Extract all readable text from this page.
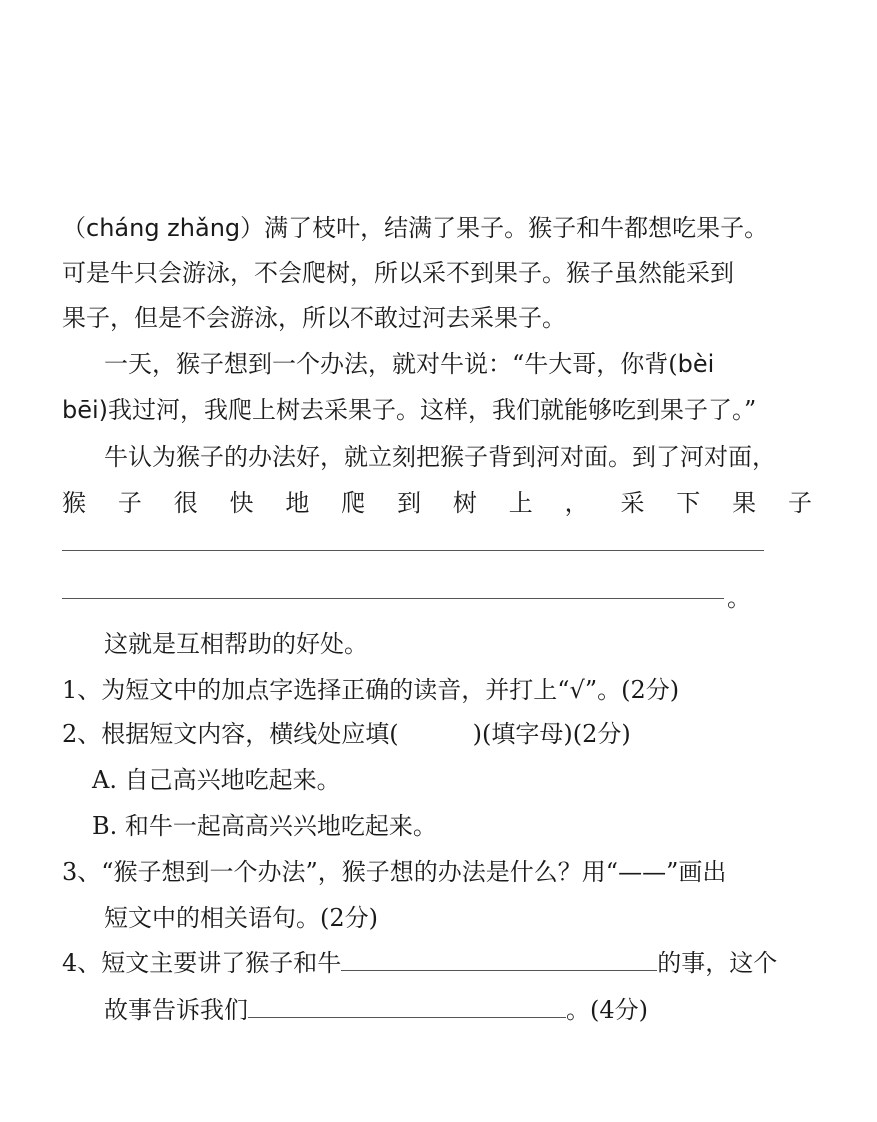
（cháng zhǎng）满了枝叶，结满了果子。猴子和牛都想吃果子。
可是牛只会游泳，不会爬树，所以采不到果子。猴子虽然能采到
果子，但是不会游泳，所以不敢过河去采果子。
一天，猴子想到一个办法，就对牛说：“牛大哥，你背(bèi
bēi)我过河，我爬上树去采果子。这样，我们就能够吃到果子了。”
牛认为猴子的办法好，就立刻把猴子背到河对面。到了河对面，
猴 子 很 快 地 爬 到 树 上 ， 采 下 果 子
。
这就是互相帮助的好处。
1、为短文中的加点字选择正确的读音，并打上“√”。(2分)
2、根据短文内容，横线处应填(	)(填字母)(2分)
A. 自己高兴地吃起来。
B. 和牛一起高高兴兴地吃起来。
3、“猴子想到一个办法”，猴子想的办法是什么？用“——”画出
短文中的相关语句。(2分)
4、短文主要讲了猴子和牛	的事，这个
故事告诉我们	。(4分)
